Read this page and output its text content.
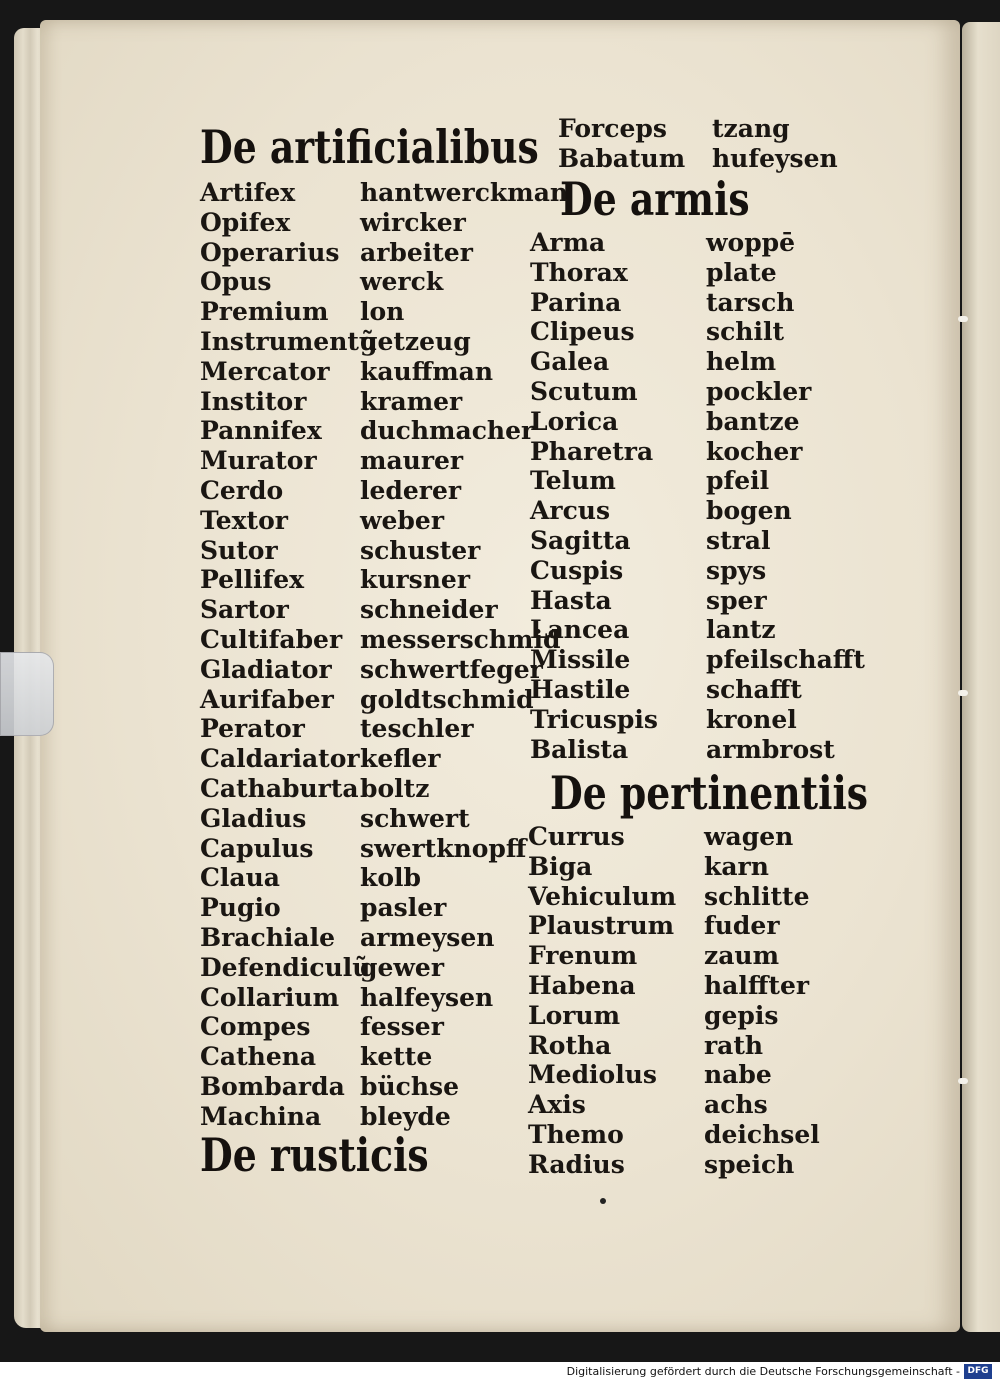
De artificialibus
De armis
De pertinentiis
De rusticis
Artifex
Opifex
Operarius
Opus
Premium
Instrumentũ
Mercator
Institor
Pannifex
Murator
Cerdo
Textor
Sutor
Pellifex
Sartor
Cultifaber
Gladiator
Aurifaber
Perator
Caldariator
Cathaburta
Gladius
Capulus
Claua
Pugio
Brachiale
Defendiculũ
Collarium
Compes
Cathena
Bombarda
Machina
hantwerckman
wircker
arbeiter
werck
lon
getzeug
kauffman
kramer
duchmacher
maurer
lederer
weber
schuster
kursner
schneider
messerschmid
schwertfeger
goldtschmid
teschler
kefler
boltz
schwert
swertknopff
kolb
pasler
armeysen
gewer
halfeysen
fesser
kette
büchse
bleyde
Forceps
Babatum
tzang
hufeysen
Arma
Thorax
Parina
Clipeus
Galea
Scutum
Lorica
Pharetra
Telum
Arcus
Sagitta
Cuspis
Hasta
Lancea
Missile
Hastile
Tricuspis
Balista
woppē
plate
tarsch
schilt
helm
pockler
bantze
kocher
pfeil
bogen
stral
spys
sper
lantz
pfeilschafft
schafft
kronel
armbrost
Currus
Biga
Vehiculum
Plaustrum
Frenum
Habena
Lorum
Rotha
Mediolus
Axis
Themo
Radius
wagen
karn
schlitte
fuder
zaum
halffter
gepis
rath
nabe
achs
deichsel
speich
Digitalisierung gefördert durch die Deutsche Forschungsgemeinschaft - DFG
